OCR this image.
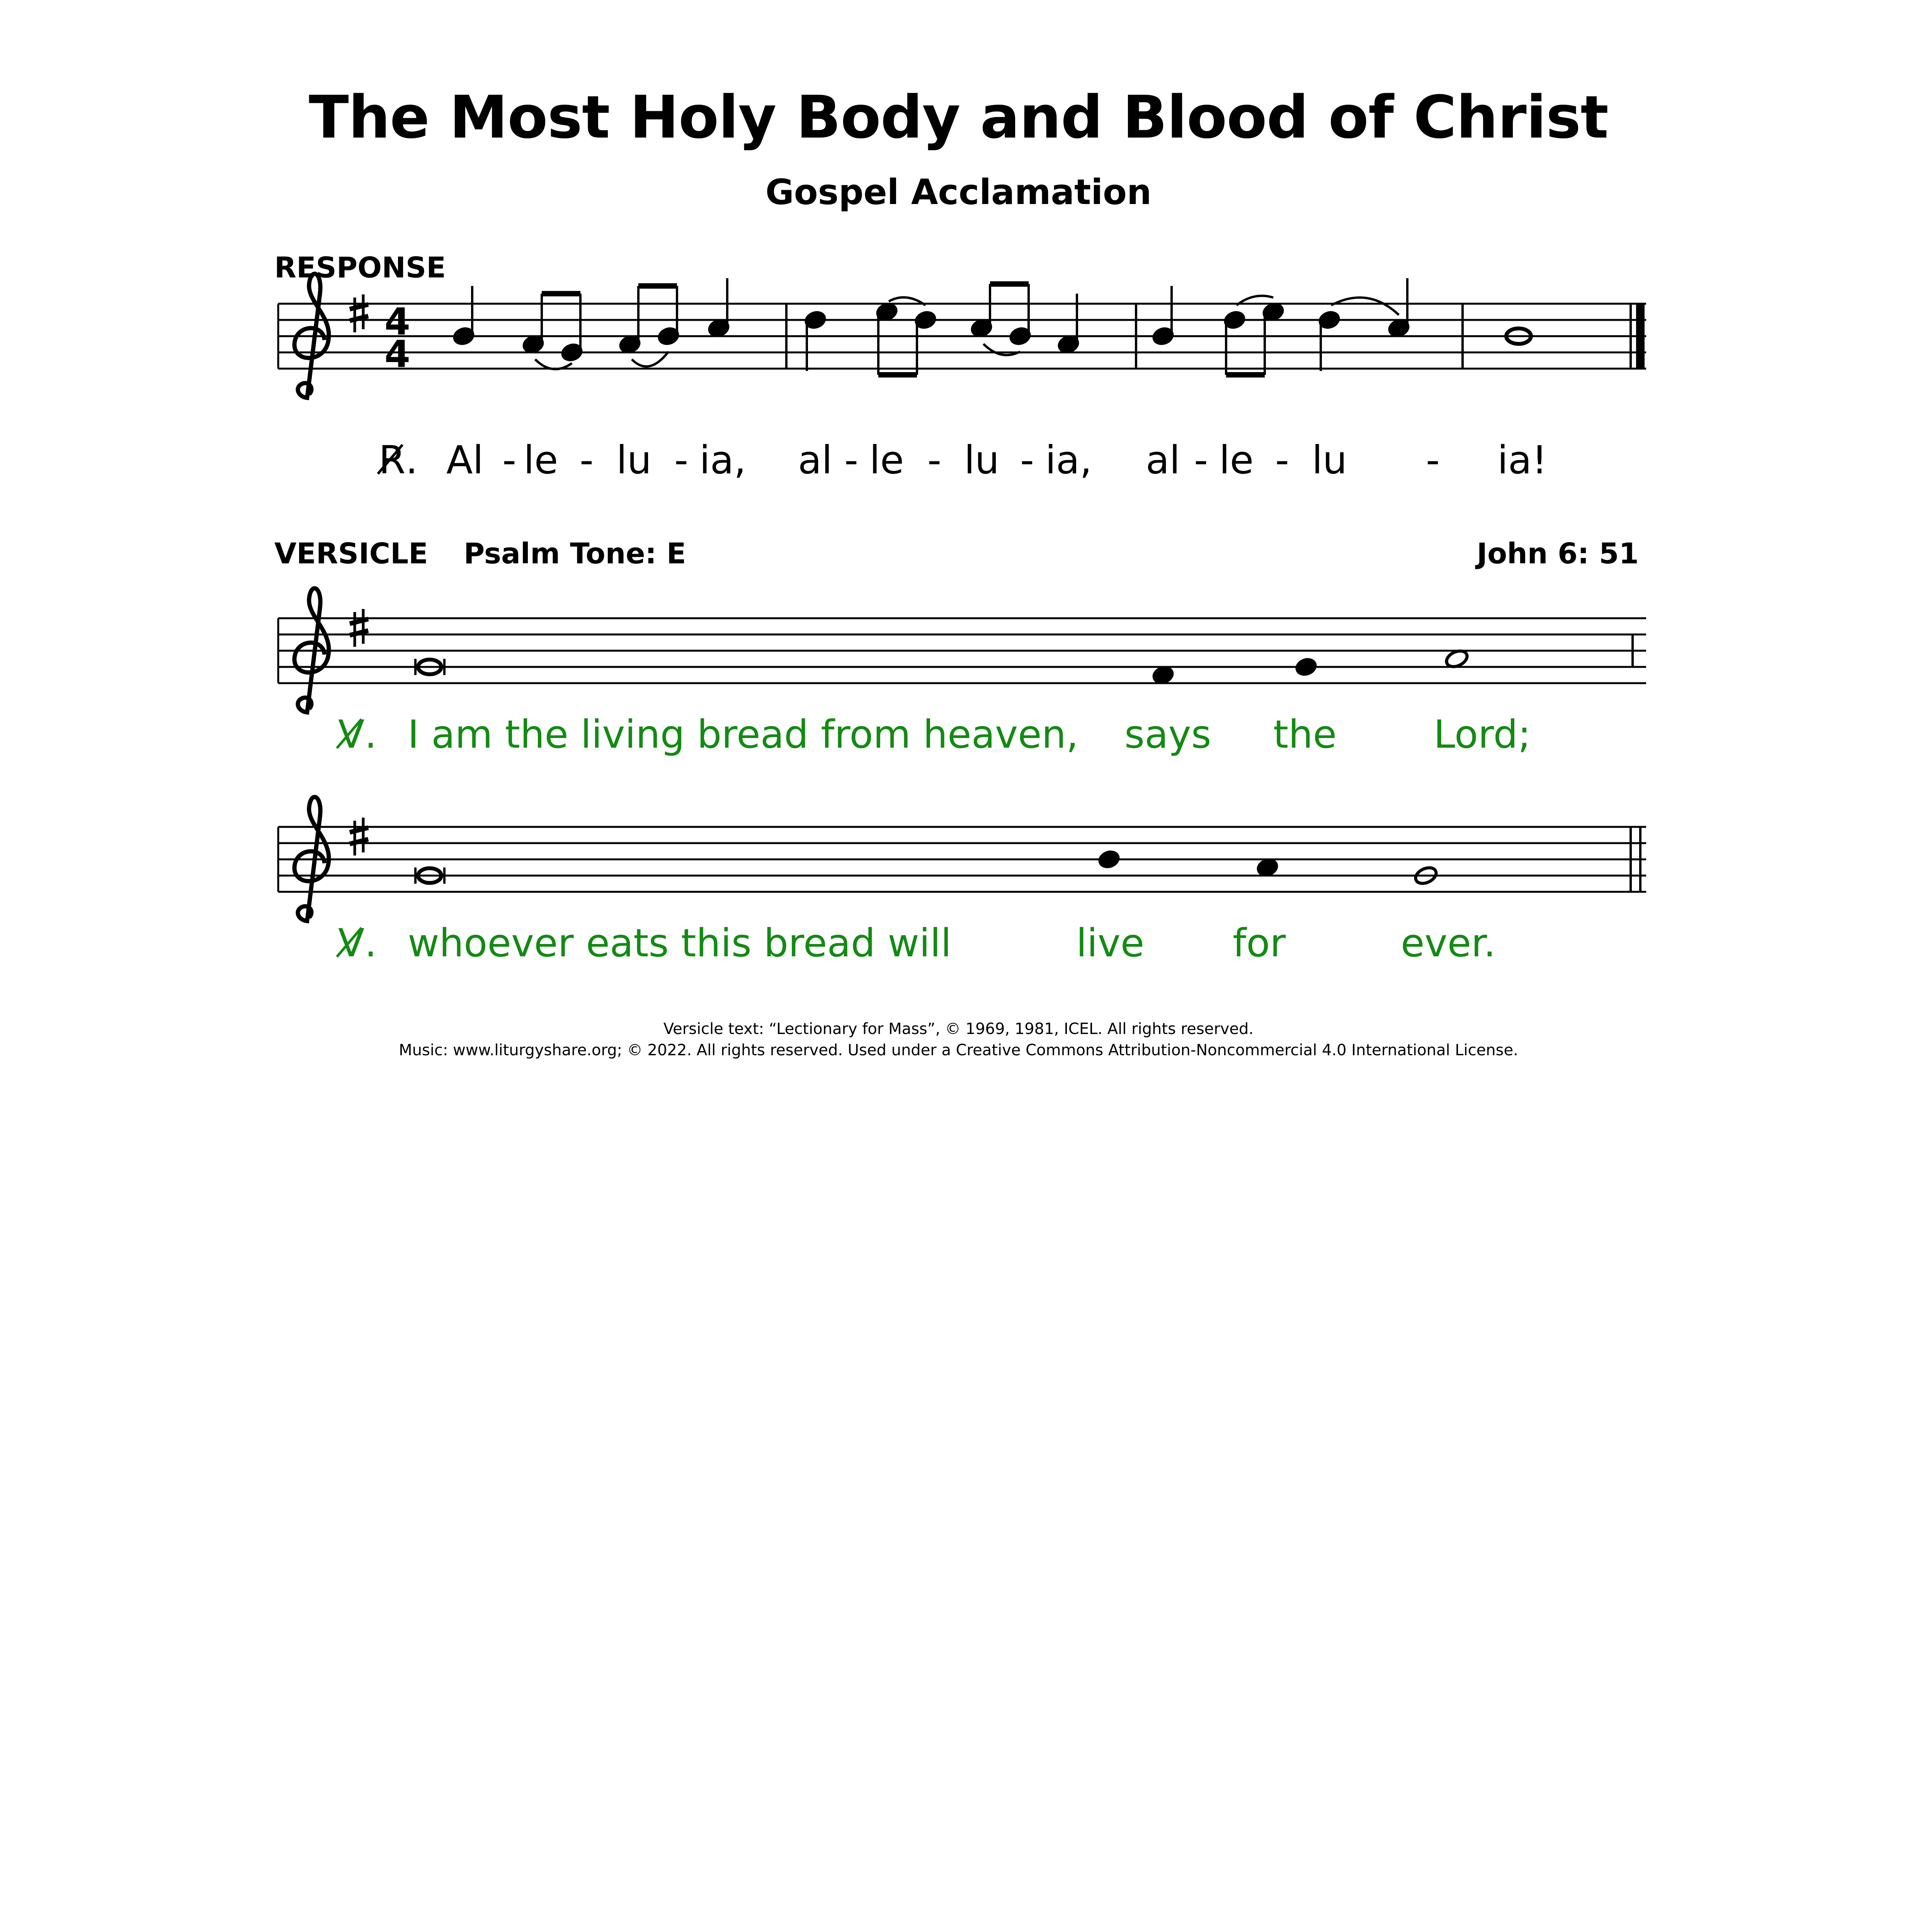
The Most Holy Body and Blood of Christ
Gospel Acclamation
RESPONSE
VERSICLE Psalm Tone: E	John 6: 51
4
4
R̸. Al - le - lu - ia, al - le - lu - ia, al - le - lu - ia!
V̸. I am the living bread from heaven, says the	Lord;
V̸. whoever eats this bread will	live for	ever.
Versicle text: “Lectionary for Mass”, © 1969, 1981, ICEL. All rights reserved.
Music: www.liturgyshare.org; © 2022. All rights reserved. Used under a Creative Commons Attribution-Noncommercial 4.0 International License.
